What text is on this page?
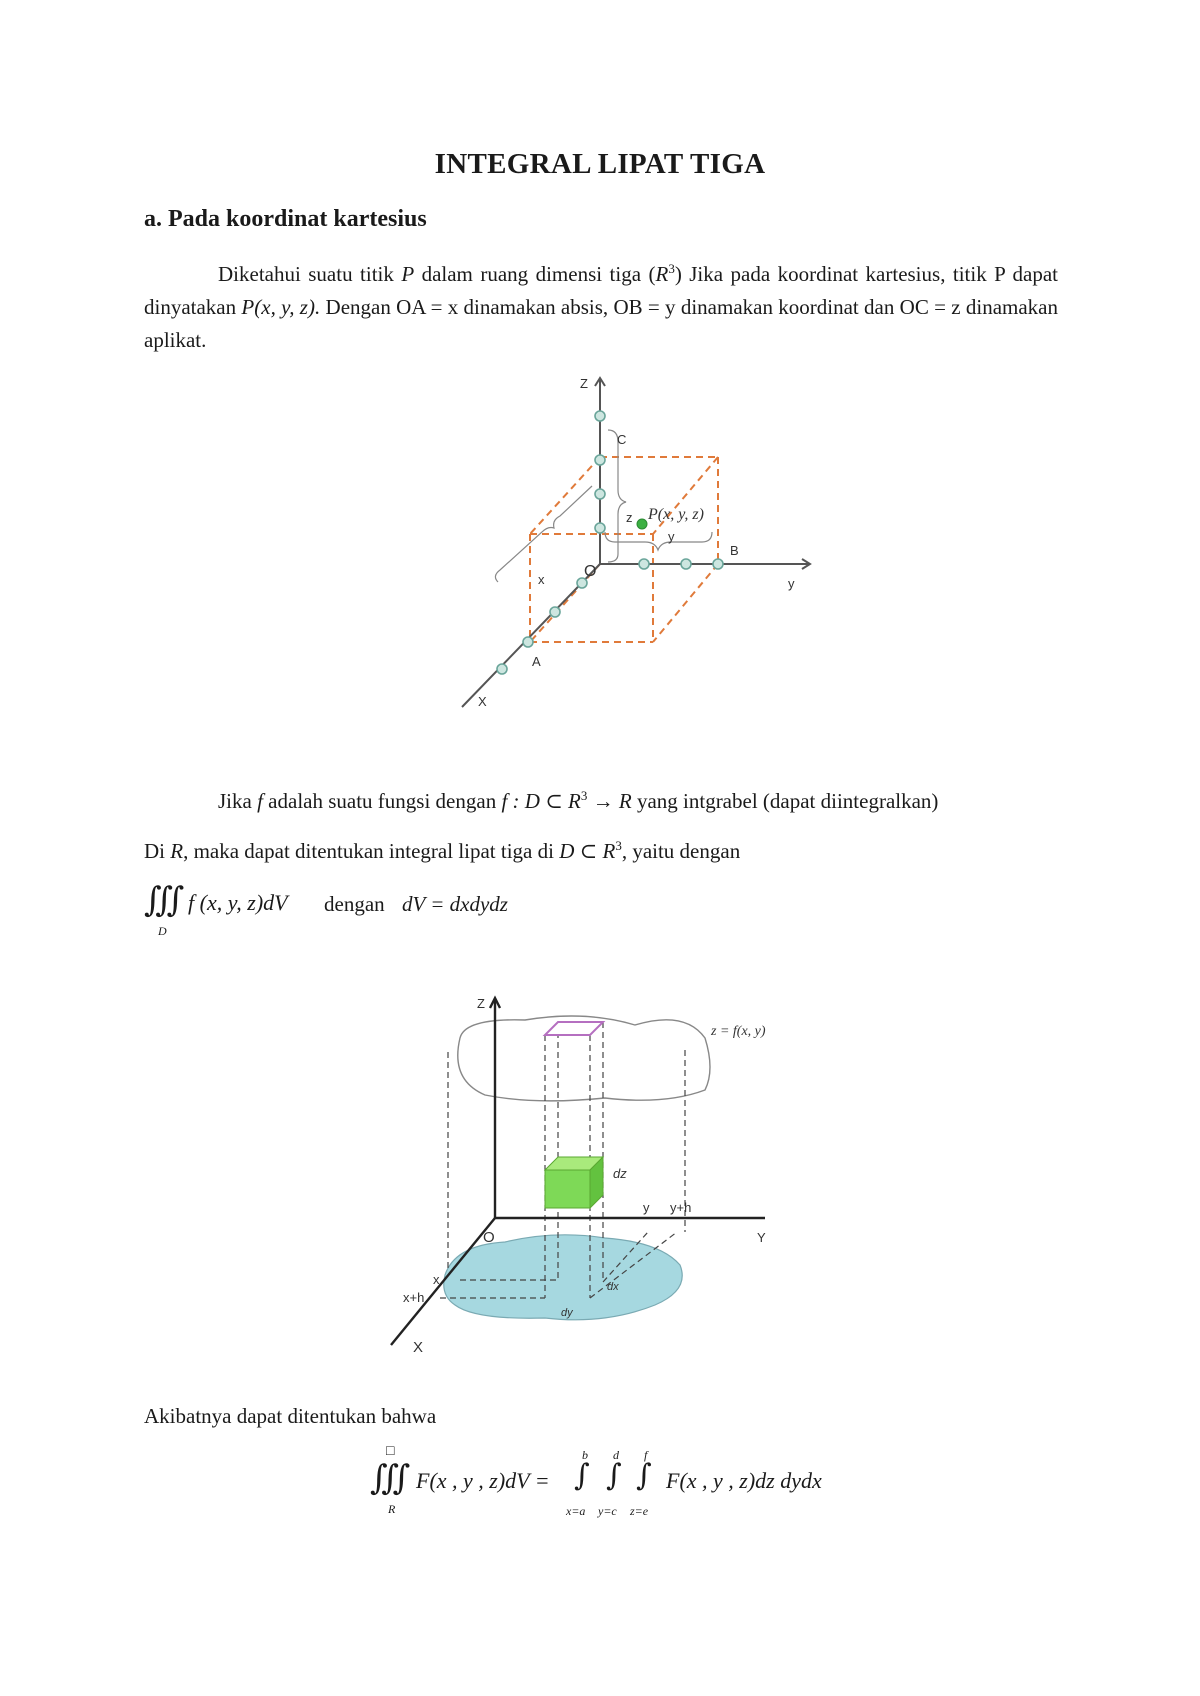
INTEGRAL LIPAT TIGA
a. Pada koordinat kartesius
Diketahui suatu titik P dalam ruang dimensi tiga $(R^3)$ Jika pada koordinat kartesius, titik P dapat dinyatakan P(x, y, z). Dengan OA = x dinamakan absis, OB = y dinamakan koordinat dan OC = z dinamakan aplikat.
Z
C
z P(x, y, z)
y
B
O
x	y
A
X
Jika f adalah suatu fungsi dengan f : D ⊂ $R^3 \to R$ yang intgrabel (dapat diintegralkan)
Di R, maka dapat ditentukan integral lipat tiga di D ⊂ $R^3$, yaitu dengan
∭
D
f (x, y, z)dV dengan dV = dxdydz
Z
z = f(x, y)
dz
y y+h
Y
O
x
x+h
dx
dy
X
Akibatnya dapat ditentukan bahwa
□
∭
R
F(x , y , z)dV =
b
∫
x=a
d
∫
y=c
f
∫
z=e
F(x , y , z)dz dydx
